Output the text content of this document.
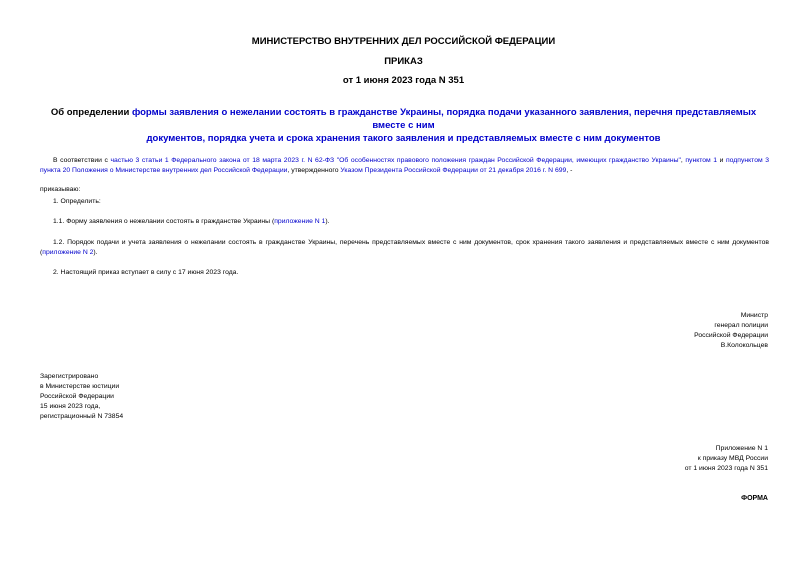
МИНИСТЕРСТВО ВНУТРЕННИХ ДЕЛ РОССИЙСКОЙ ФЕДЕРАЦИИ
ПРИКАЗ
от 1 июня 2023 года N 351
Об определении формы заявления о нежелании состоять в гражданстве Украины, порядка подачи указанного заявления, перечня представляемых вместе с ним
документов, порядка учета и срока хранения такого заявления и представляемых вместе с ним документов
В соответствии с частью 3 статьи 1 Федерального закона от 18 марта 2023 г. N 62-ФЗ "Об особенностях правового положения граждан Российской Федерации, имеющих гражданство Украины", пунктом 1 и подпунктом 3 пункта 20 Положения о Министерстве внутренних дел Российской Федерации, утвержденного Указом Президента Российской Федерации от 21 декабря 2016 г. N 699, -
приказываю:
1. Определить:
1.1. Форму заявления о нежелании состоять в гражданстве Украины (приложение N 1).
1.2. Порядок подачи и учета заявления о нежелании состоять в гражданстве Украины, перечень представляемых вместе с ним документов, срок хранения такого заявления и представляемых вместе с ним документов (приложение N 2).
2. Настоящий приказ вступает в силу с 17 июня 2023 года.
Министр
генерал полиции
Российской Федерации
В.Колокольцев
Зарегистрировано
в Министерстве юстиции
Российской Федерации
15 июня 2023 года,
регистрационный N 73854
Приложение N 1
к приказу МВД России
от 1 июня 2023 года N 351
ФОРМА
